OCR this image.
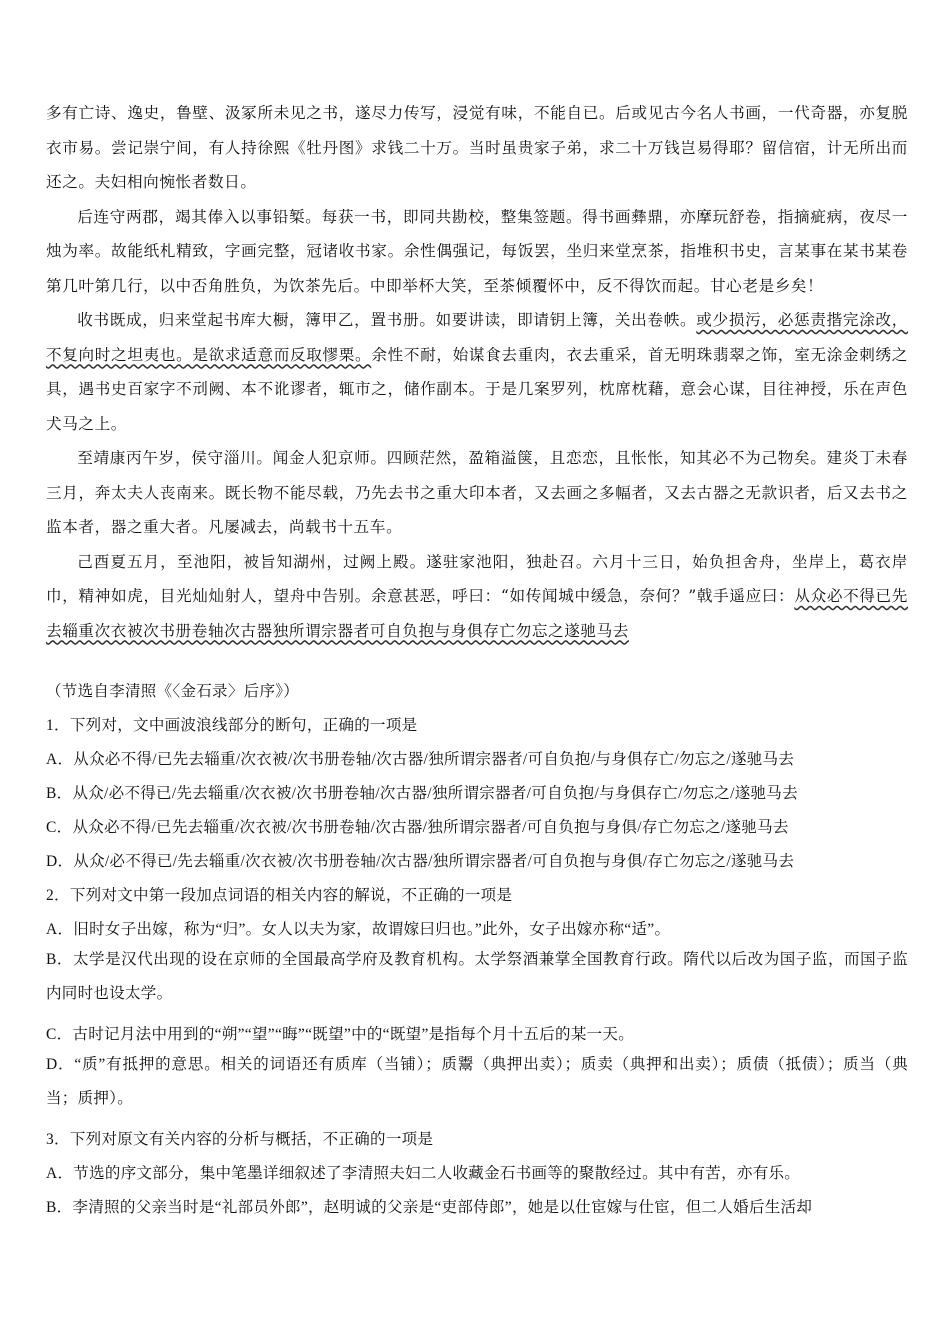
多有亡诗、逸史，鲁壁、汲冢所未见之书，遂尽力传写，浸觉有味，不能自已。后或见古今名人书画，一代奇器，亦复脱衣市易。尝记崇宁间，有人持徐熙《牡丹图》求钱二十万。当时虽贵家子弟，求二十万钱岂易得耶？留信宿，计无所出而还之。夫妇相向惋怅者数日。

后连守两郡，竭其俸入以事铅椠。每获一书，即同共勘校，整集签题。得书画彝鼎，亦摩玩舒卷，指摘疵病，夜尽一烛为率。故能纸札精致，字画完整，冠诸收书家。余性偶强记，每饭罢，坐归来堂烹茶，指堆积书史，言某事在某书某卷第几叶第几行，以中否角胜负，为饮茶先后。中即举杯大笑，至茶倾覆怀中，反不得饮而起。甘心老是乡矣！

收书既成，归来堂起书库大橱，簿甲乙，置书册。如要讲读，即请钥上簿，关出卷帙。或少损污，必惩责揩完涂改，不复向时之坦夷也。是欲求适意而反取憀栗。余性不耐，始谋食去重肉，衣去重采，首无明珠翡翠之饰，室无涂金刺绣之具，遇书史百家字不刓阙、本不讹谬者，辄市之，储作副本。于是几案罗列，枕席枕藉，意会心谋，目往神授，乐在声色犬马之上。

至靖康丙午岁，侯守淄川。闻金人犯京师。四顾茫然，盈箱溢箧，且恋恋，且怅怅，知其必不为己物矣。建炎丁未春三月，奔太夫人丧南来。既长物不能尽载，乃先去书之重大印本者，又去画之多幅者，又去古器之无款识者，后又去书之监本者，器之重大者。凡屡减去，尚载书十五车。

己酉夏五月，至池阳，被旨知湖州，过阙上殿。遂驻家池阳，独赴召。六月十三日，始负担舍舟，坐岸上，葛衣岸巾，精神如虎，目光灿灿射人，望舟中告别。余意甚恶，呼曰：“如传闻城中缓急，奈何？”戟手遥应曰：从众必不得已先去辎重次衣被次书册卷轴次古器独所谓宗器者可自负抱与身俱存亡勿忘之遂驰马去

（节选自李清照《〈金石录〉后序》）
1．下列对，文中画波浪线部分的断句，正确的一项是
A．从众必不得/已先去辎重/次衣被/次书册卷轴/次古器/独所谓宗器者/可自负抱/与身俱存亡/勿忘之/遂驰马去
B．从众/必不得已/先去辎重/次衣被/次书册卷轴/次古器/独所谓宗器者/可自负抱/与身俱存亡/勿忘之/遂驰马去
C．从众必不得/已先去辎重/次衣被/次书册卷轴/次古器/独所谓宗器者/可自负抱与身俱/存亡勿忘之/遂驰马去
D．从众/必不得已/先去辎重/次衣被/次书册卷轴/次古器/独所谓宗器者/可自负抱与身俱/存亡勿忘之/遂驰马去
2．下列对文中第一段加点词语的相关内容的解说，不正确的一项是
A．旧时女子出嫁，称为“归”。女人以夫为家，故谓嫁曰归也。”此外，女子出嫁亦称“适”。
B．太学是汉代出现的设在京师的全国最高学府及教育机构。太学祭酒兼掌全国教育行政。隋代以后改为国子监，而国子监内同时也设太学。
C．古时记月法中用到的“朔”“望”“晦”“既望”中的“既望”是指每个月十五后的某一天。
D．“质”有抵押的意思。相关的词语还有质库（当铺）；质鬻（典押出卖）；质卖（典押和出卖）；质债（抵债）；质当（典当；质押）。
3．下列对原文有关内容的分析与概括，不正确的一项是
A．节选的序文部分，集中笔墨详细叙述了李清照夫妇二人收藏金石书画等的聚散经过。其中有苦，亦有乐。
B．李清照的父亲当时是“礼部员外郎”，赵明诚的父亲是“吏部侍郎”，她是以仕宦嫁与仕宦，但二人婚后生活却
